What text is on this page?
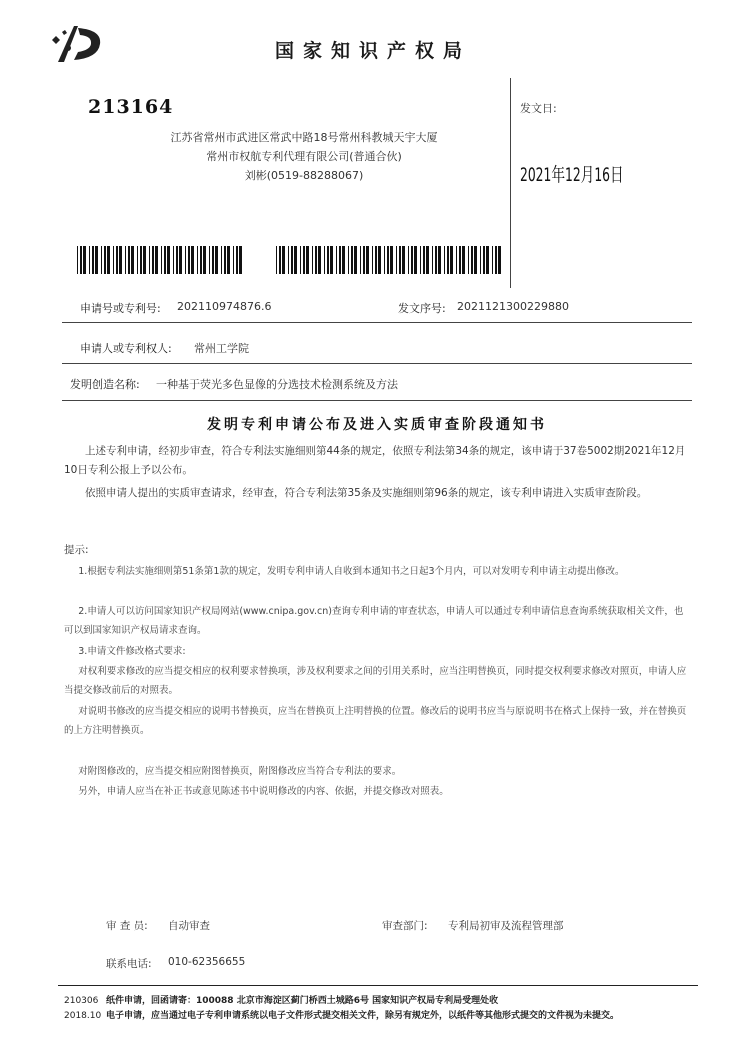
国家知识产权局
213164
江苏省常州市武进区常武中路18号常州科教城天宇大厦
常州市权航专利代理有限公司(普通合伙)
刘彬(0519-88288067)
发文日:
2021年12月16日
申请号或专利号: 202110974876.6	发文序号: 2021121300229880
申请人或专利权人: 常州工学院
发明创造名称: 一种基于荧光多色显像的分选技术检测系统及方法
发明专利申请公布及进入实质审查阶段通知书
上述专利申请，经初步审查，符合专利法实施细则第44条的规定，依照专利法第34条的规定，该申请于37卷5002期2021年12月10日专利公报上予以公布。
依照申请人提出的实质审查请求，经审查，符合专利法第35条及实施细则第96条的规定，该专利申请进入实质审查阶段。
提示:
1.根据专利法实施细则第51条第1款的规定，发明专利申请人自收到本通知书之日起3个月内，可以对发明专利申请主动提出修改。
2.申请人可以访问国家知识产权局网站(www.cnipa.gov.cn)查询专利申请的审查状态，申请人可以通过专利申请信息查询系统获取相关文件，也可以到国家知识产权局请求查询。
3.申请文件修改格式要求:
对权利要求修改的应当提交相应的权利要求替换项，涉及权利要求之间的引用关系时，应当注明替换页，同时提交权利要求修改对照页，申请人应当提交修改前后的对照表。
对说明书修改的应当提交相应的说明书替换页，应当在替换页上注明替换的位置。修改后的说明书应当与原说明书在格式上保持一致，并在替换页的上方注明替换页。
对附图修改的，应当提交相应附图替换页，附图修改应当符合专利法的要求。
另外，申请人应当在补正书或意见陈述书中说明修改的内容、依据，并提交修改对照表。
审 查 员: 自动审查	审查部门: 专利局初审及流程管理部
联系电话: 010-62356655
210306
2018.10
纸件申请，回函请寄：100088 北京市海淀区蓟门桥西土城路6号 国家知识产权局专利局受理处收
电子申请，应当通过电子专利申请系统以电子文件形式提交相关文件，除另有规定外，以纸件等其他形式提交的文件视为未提交。
